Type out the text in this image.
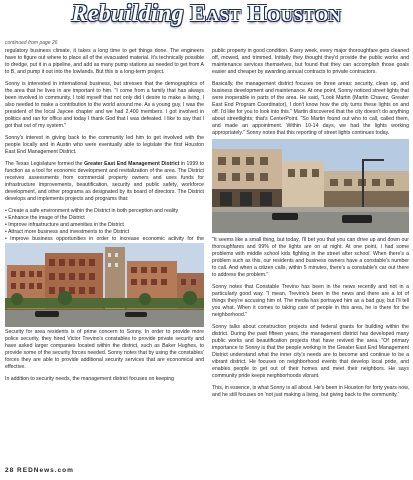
Rebuilding East Houston
continued from page 26

regulatory business climate, it takes a long time to get things done. The engineers have to figure out where to place all of the evacuated material. It's technically possible to dredge, put it in a pipeline, and add as many pump stations as needed to get from A to B, and pump it out into the lowlands. But this is a long-term project.

Sonny is interested in international business, but stresses that the demographics of the area that he lives in are important to him. "I come from a family that has always been involved in community. I told myself that not only did I desire to make a living, I also needed to make a contribution to the world around me. As a young guy, I was the president of the local Jaycee chapter and we had 2,400 members. I got involved in politics and ran for office and today I thank God that I was defeated. I like to say that I got that out of my system."

Sonny's interest in giving back to the community led him to get involved with the people locally and in Austin who were eventually able to legislate the first Houston East End Management District.

The Texas Legislature formed the Greater East End Management District in 1999 to function as a tool for economic development and revitalization of the area. The District receives assessments from commercial property owners and uses funds for infrastructure improvements, beautification, security and public safety, workforce development, and other programs as designated by its board of directors. The District develops and implements projects and programs that:

• Create a safe environment within the District in both perception and reality
• Enhance the image of the District
• Improve infrastructure and amenities in the District
• Attract more business and investments to the District
• Improve business opportunities in order to increase economic activity for the

Security for area residents is of prime concern to Sonny. In order to provide more police security, they hired Victor Trevino's constables to provide private security and have asked larger companies located within the district, such as Baker Hughes, to provide some of the security forces needed. Sonny notes that by using the constables' forces they are able to provide additional security services that are economical and effective.

In addition to security needs, the management district focuses on keeping

public property in good condition. Every week, every major thoroughfare gets cleaned off, mowed, and trimmed. Initially they thought they'd provide the public works and maintenance services themselves, but found that they can accomplish those goals easier and cheaper by awarding annual contracts to private contractors.

Basically, the management district focuses on three areas: security, clean up, and business development and maintenance. At one point, Sonny noticed street lights that were inoperable in parts of the area. He said, "Look Martin (Martin Chavez, Greater East End Program Coordinator), I don't know how the city turns these lights on and off. I'd like for you to look into this." Martin discovered that the city doesn't do anything about streetlights; that's CenterPoint. "So Martin found out who to call, called them, and made an appointment. Within 10-14 days, we had the lights working appropriately." Sonny notes that this reporting of street lights continues today.

"It seems like a small thing, but today, I'll bet you that you can drive up and down our thoroughfares and 99% of the lights are on at night. At one point, I had some problems with middle school kids fighting in the street after school. When there's a problem such as this, our residents and business owners have a constable's number to call. And when a citizen calls, within 5 minutes, there's a constable's car out there to address the problem."

Sonny notes that Constable Trevino has been in the news recently and not in a particularly good way. "I mean, Trevino's been in the news and there are a lot of things they're accusing him of. The media has portrayed him as a bad guy, but I'll tell you what. When it comes to taking care of people in this area, he is there for the neighborhood."

Sonny talks about construction projects and federal grants for building within the district. During the past fifteen years, the management district has developed many public works and beautification projects that have revived the area. "Of primary importance to Sonny is that the people working in the Greater East End Management District understand what the inner city's needs are to become and continue to be a vibrant district. He focuses on neighborhood events that develop local pride, and enables people to get out of their homes and meet their neighbors. He says community pride keeps neighborhoods vibrant.

This, in essence, is what Sonny is all about. He's been in Houston for forty years now, and he still focuses on 'not just making a living, but giving back to the community.'

28 REDNews.com
